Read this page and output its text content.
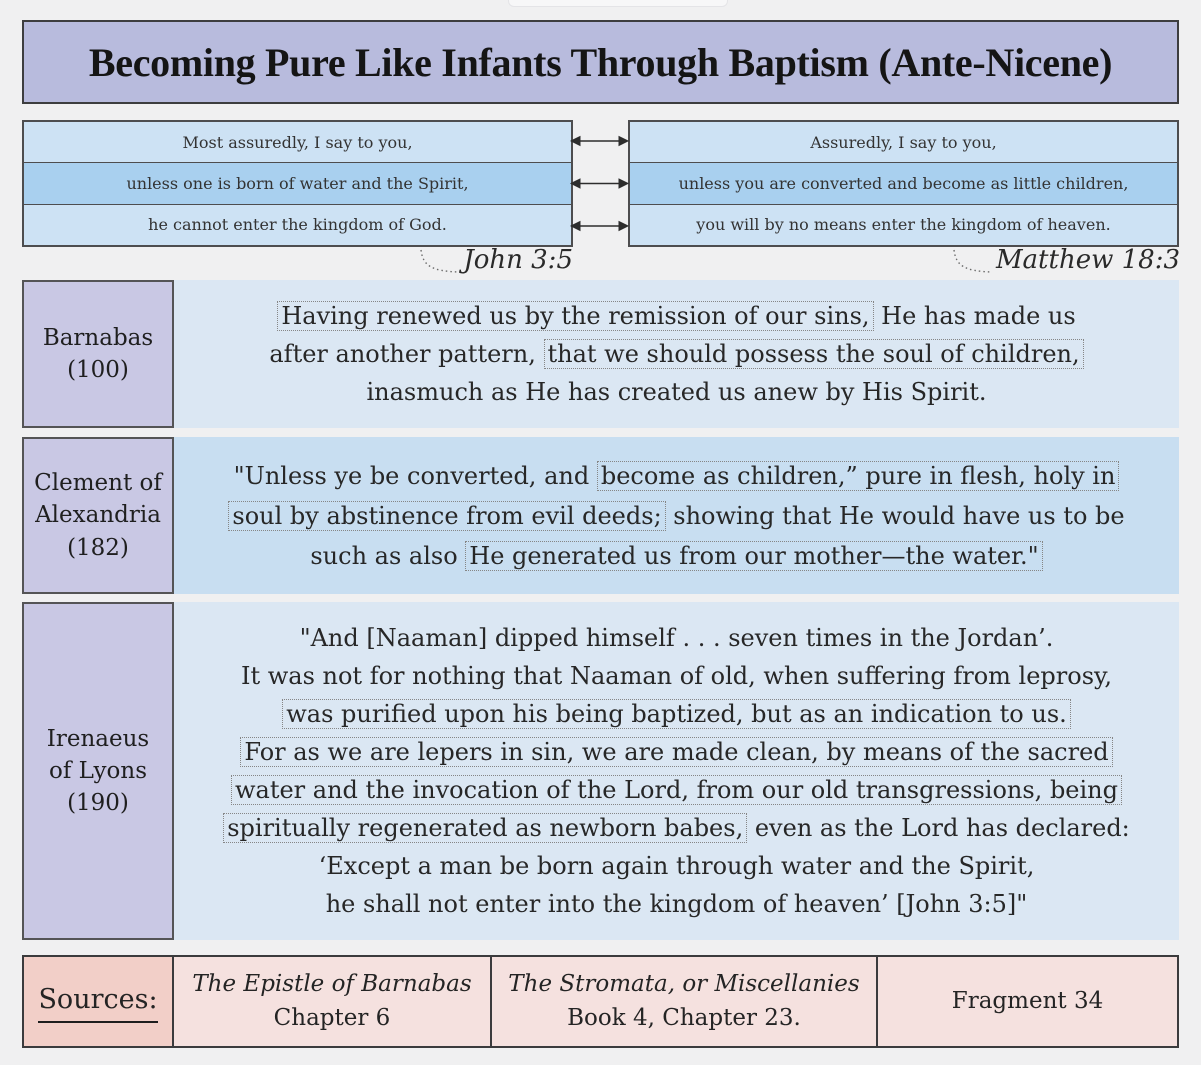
Becoming Pure Like Infants Through Baptism (Ante-Nicene)
Most assuredly, I say to you,
unless one is born of water and the Spirit,
he cannot enter the kingdom of God.
Assuredly, I say to you,
unless you are converted and become as little children,
you will by no means enter the kingdom of heaven.
John 3:5	Matthew 18:3
Barnabas
(100)
Having renewed us by the remission of our sins, He has made us
after another pattern, that we should possess the soul of children,
inasmuch as He has created us anew by His Spirit.
Clement of
Alexandria
(182)
"Unless ye be converted, and become as children,” pure in flesh, holy in
soul by abstinence from evil deeds; showing that He would have us to be
such as also He generated us from our mother—the water."
Irenaeus
of Lyons
(190)
"And [Naaman] dipped himself . . . seven times in the Jordan’.
It was not for nothing that Naaman of old, when suffering from leprosy,
was purified upon his being baptized, but as an indication to us.
For as we are lepers in sin, we are made clean, by means of the sacred
water and the invocation of the Lord, from our old transgressions, being
spiritually regenerated as newborn babes, even as the Lord has declared:
‘Except a man be born again through water and the Spirit,
he shall not enter into the kingdom of heaven’ [John 3:5]"
Sources: The Epistle of Barnabas
Chapter 6
The Stromata, or Miscellanies
Book 4, Chapter 23.
Fragment 34
